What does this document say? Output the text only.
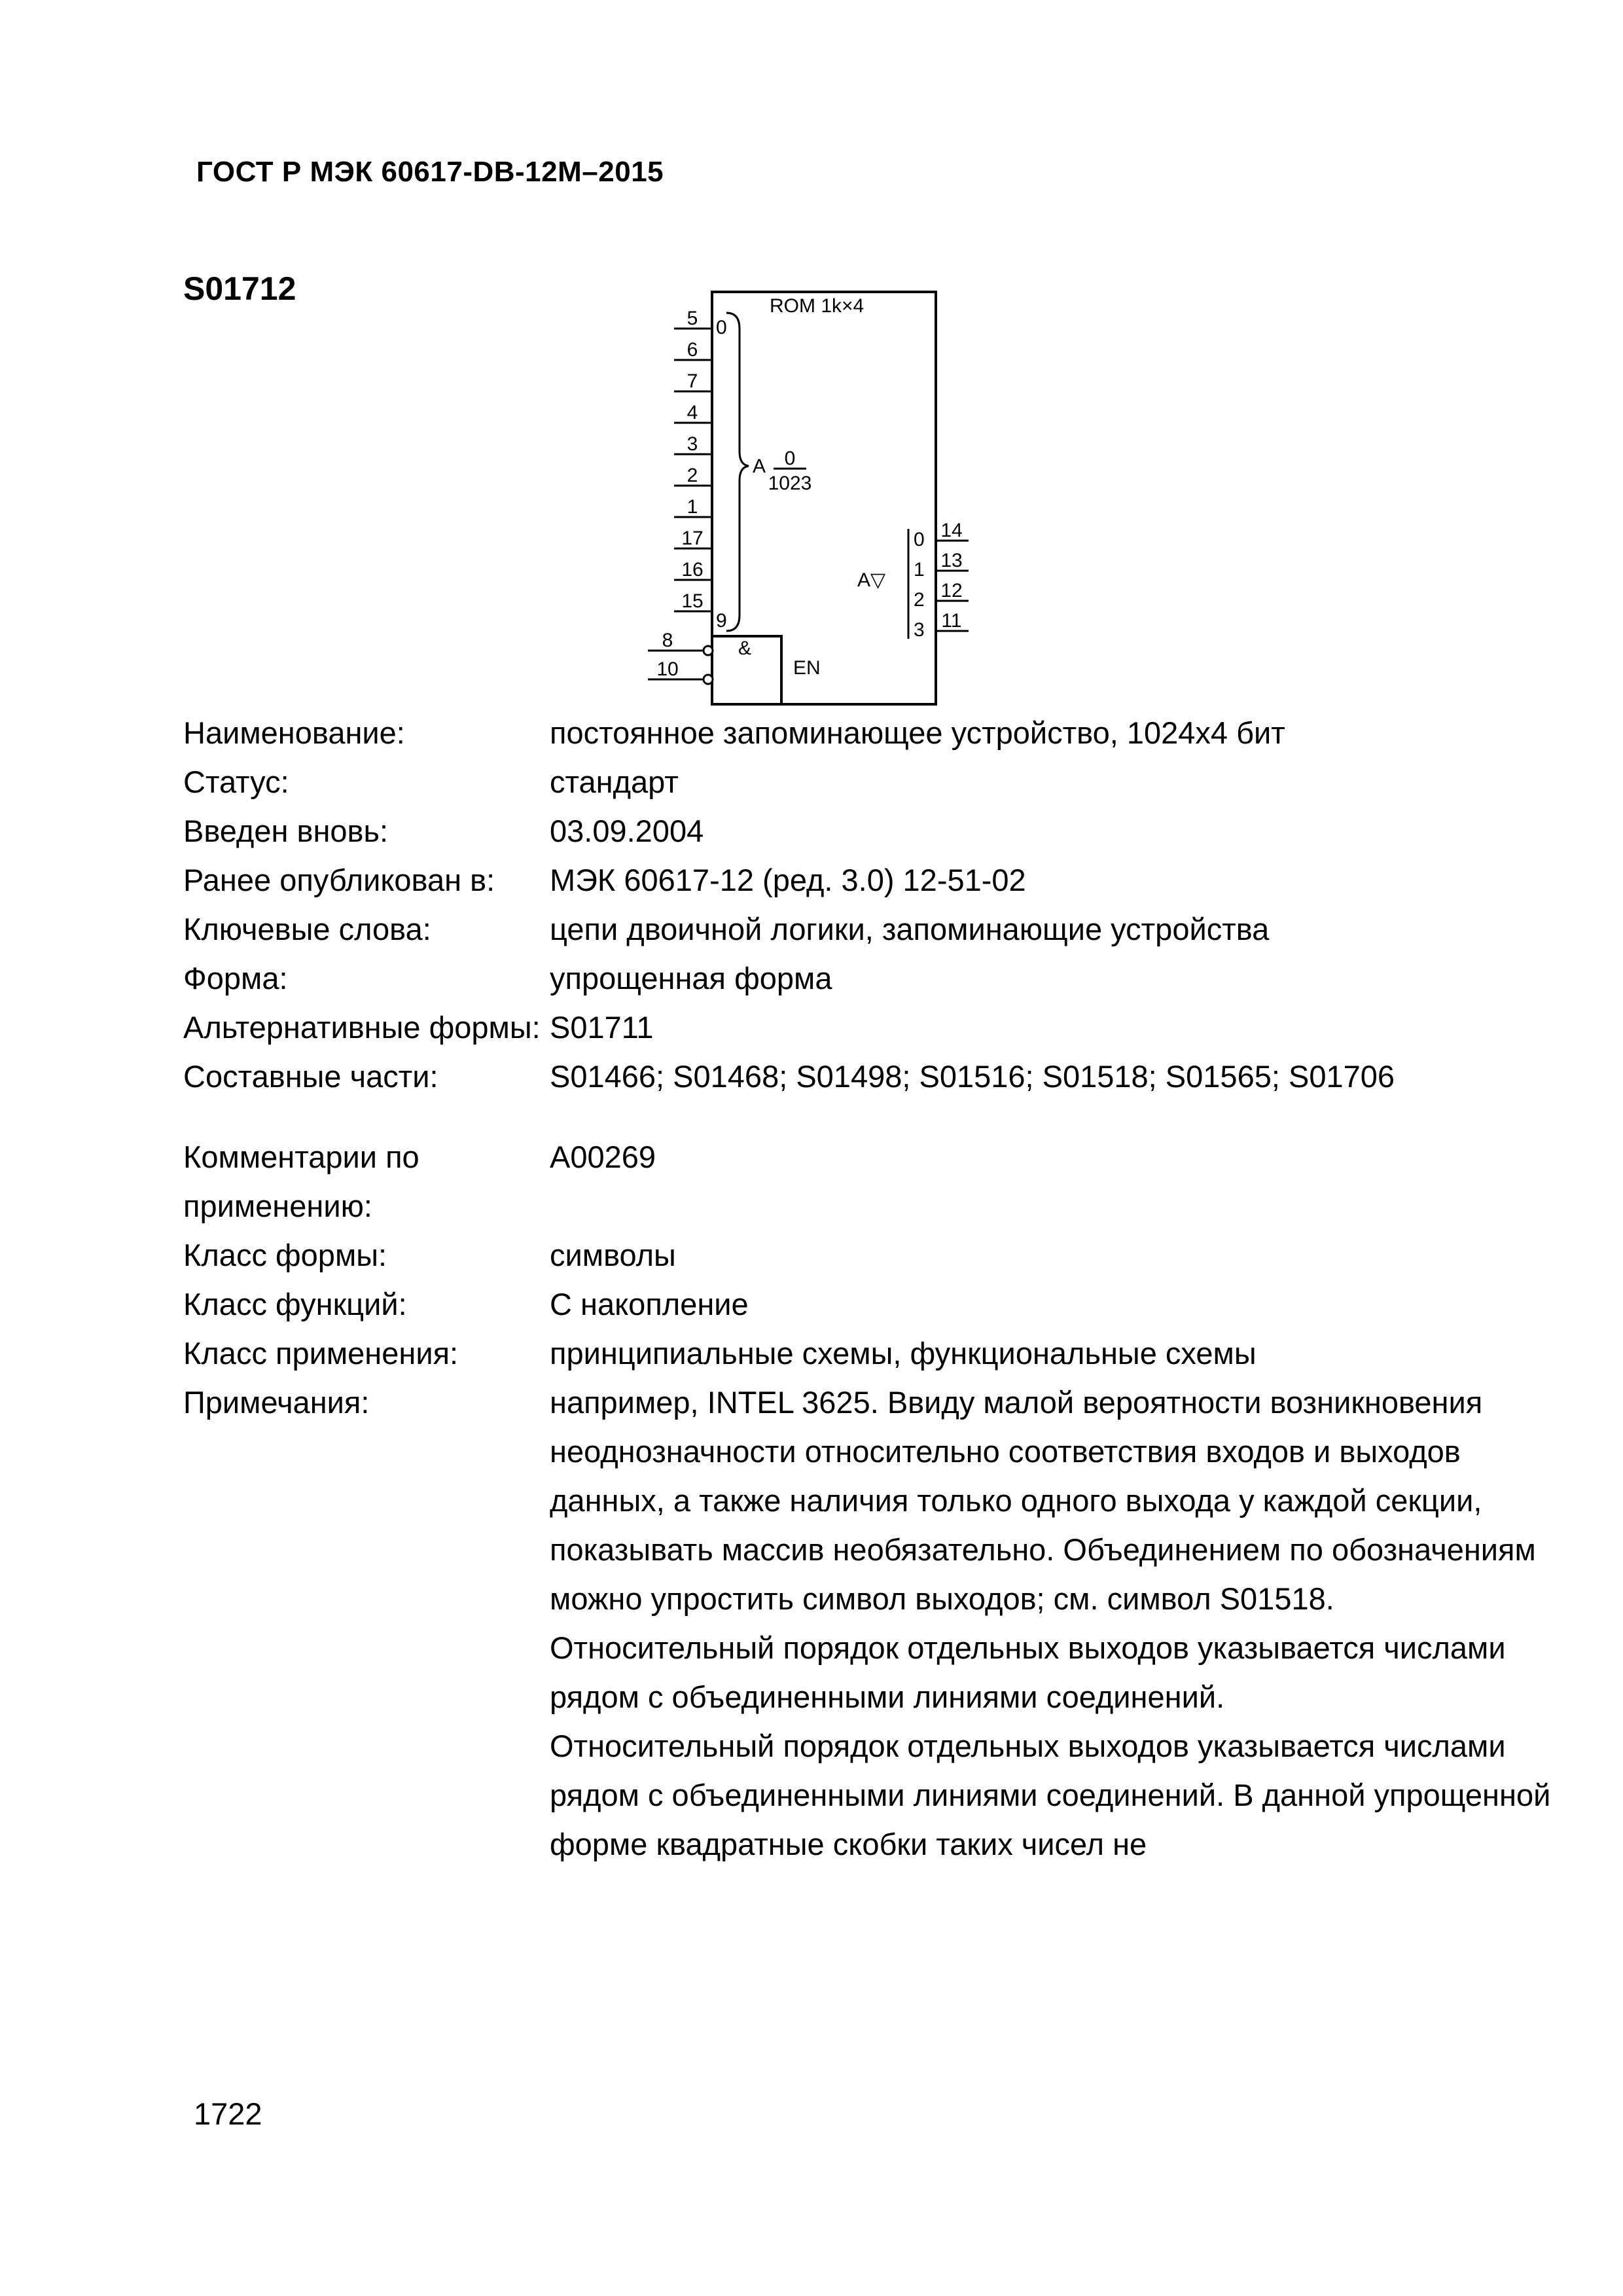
ГОСТ Р МЭК 60617-DB-12M–2015
S01712	ROM 1k×4
0
9
A 0
1023
5
6
7
4
3
2
1
17
16
15
8
10
&
EN
A▽
0
1
2
3
14
13
12
11
Наименование:	постоянное запоминающее устройство, 1024x4 бит
Статус:	стандарт
Введен вновь:	03.09.2004
Ранее опубликован в:	МЭК 60617-12 (ред. 3.0) 12-51-02
Ключевые слова:	цепи двоичной логики, запоминающие устройства
Форма:	упрощенная форма
Альтернативные формы: S01711
Составные части:	S01466; S01468; S01498; S01516; S01518; S01565; S01706
Комментарии по применению:
A00269
Класс формы:	символы
Класс функций:	С накопление
Класс применения:	принципиальные схемы, функциональные схемы
Примечания:	например, INTEL 3625. Ввиду малой вероятности возникновения неоднозначности относительно соответствия входов и выходов данных, а также наличия только одного выхода у каждой секции, показывать массив необязательно. Объединением по обозначениям можно упростить символ выходов; см. символ S01518.

Относительный порядок отдельных выходов указывается числами рядом с объединенными линиями соединений.

Относительный порядок отдельных выходов указывается числами рядом с объединенными линиями соединений. В данной упрощенной форме квадратные скобки таких чисел не

1722
